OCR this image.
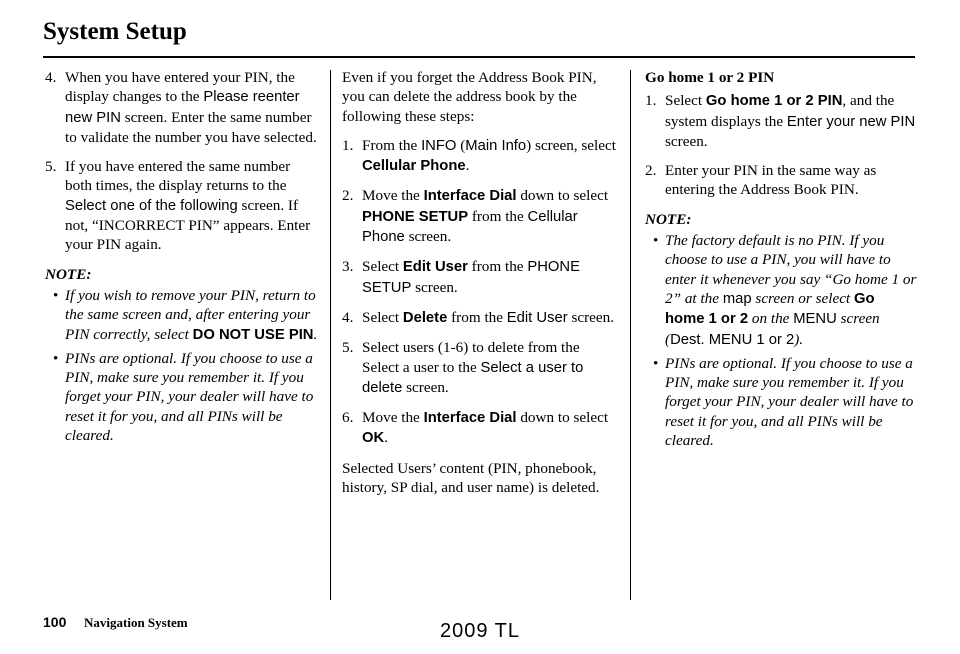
System Setup
4. When you have entered your PIN, the display changes to the Please reenter new PIN screen. Enter the same number to validate the number you have selected.
5. If you have entered the same number both times, the display returns to the Select one of the following screen. If not, “INCORRECT PIN” appears. Enter your PIN again.
NOTE:
• If you wish to remove your PIN, return to the same screen and, after entering your PIN correctly, select DO NOT USE PIN.
• PINs are optional. If you choose to use a PIN, make sure you remember it. If you forget your PIN, your dealer will have to reset it for you, and all PINs will be cleared.

Even if you forget the Address Book PIN, you can delete the address book by the following these steps:

1. From the INFO (Main Info) screen, select Cellular Phone.
2. Move the Interface Dial down to select PHONE SETUP from the Cellular Phone screen.
3. Select Edit User from the PHONE SETUP screen.
4. Select Delete from the Edit User screen.
5. Select users (1-6) to delete from the Select a user to the Select a user to delete screen.
6. Move the Interface Dial down to select OK.

Selected Users’ content (PIN, phonebook, history, SP dial, and user name) is deleted.

Go home 1 or 2 PIN
1. Select Go home 1 or 2 PIN, and the system displays the Enter your new PIN screen.
2. Enter your PIN in the same way as entering the Address Book PIN.
NOTE:
• The factory default is no PIN. If you choose to use a PIN, you will have to enter it whenever you say “Go home 1 or 2” at the map screen or select Go home 1 or 2 on the MENU screen (Dest. MENU 1 or 2).
• PINs are optional. If you choose to use a PIN, make sure you remember it. If you forget your PIN, your dealer will have to reset it for you, and all PINs will be cleared.
100 Navigation System	2009 TL
